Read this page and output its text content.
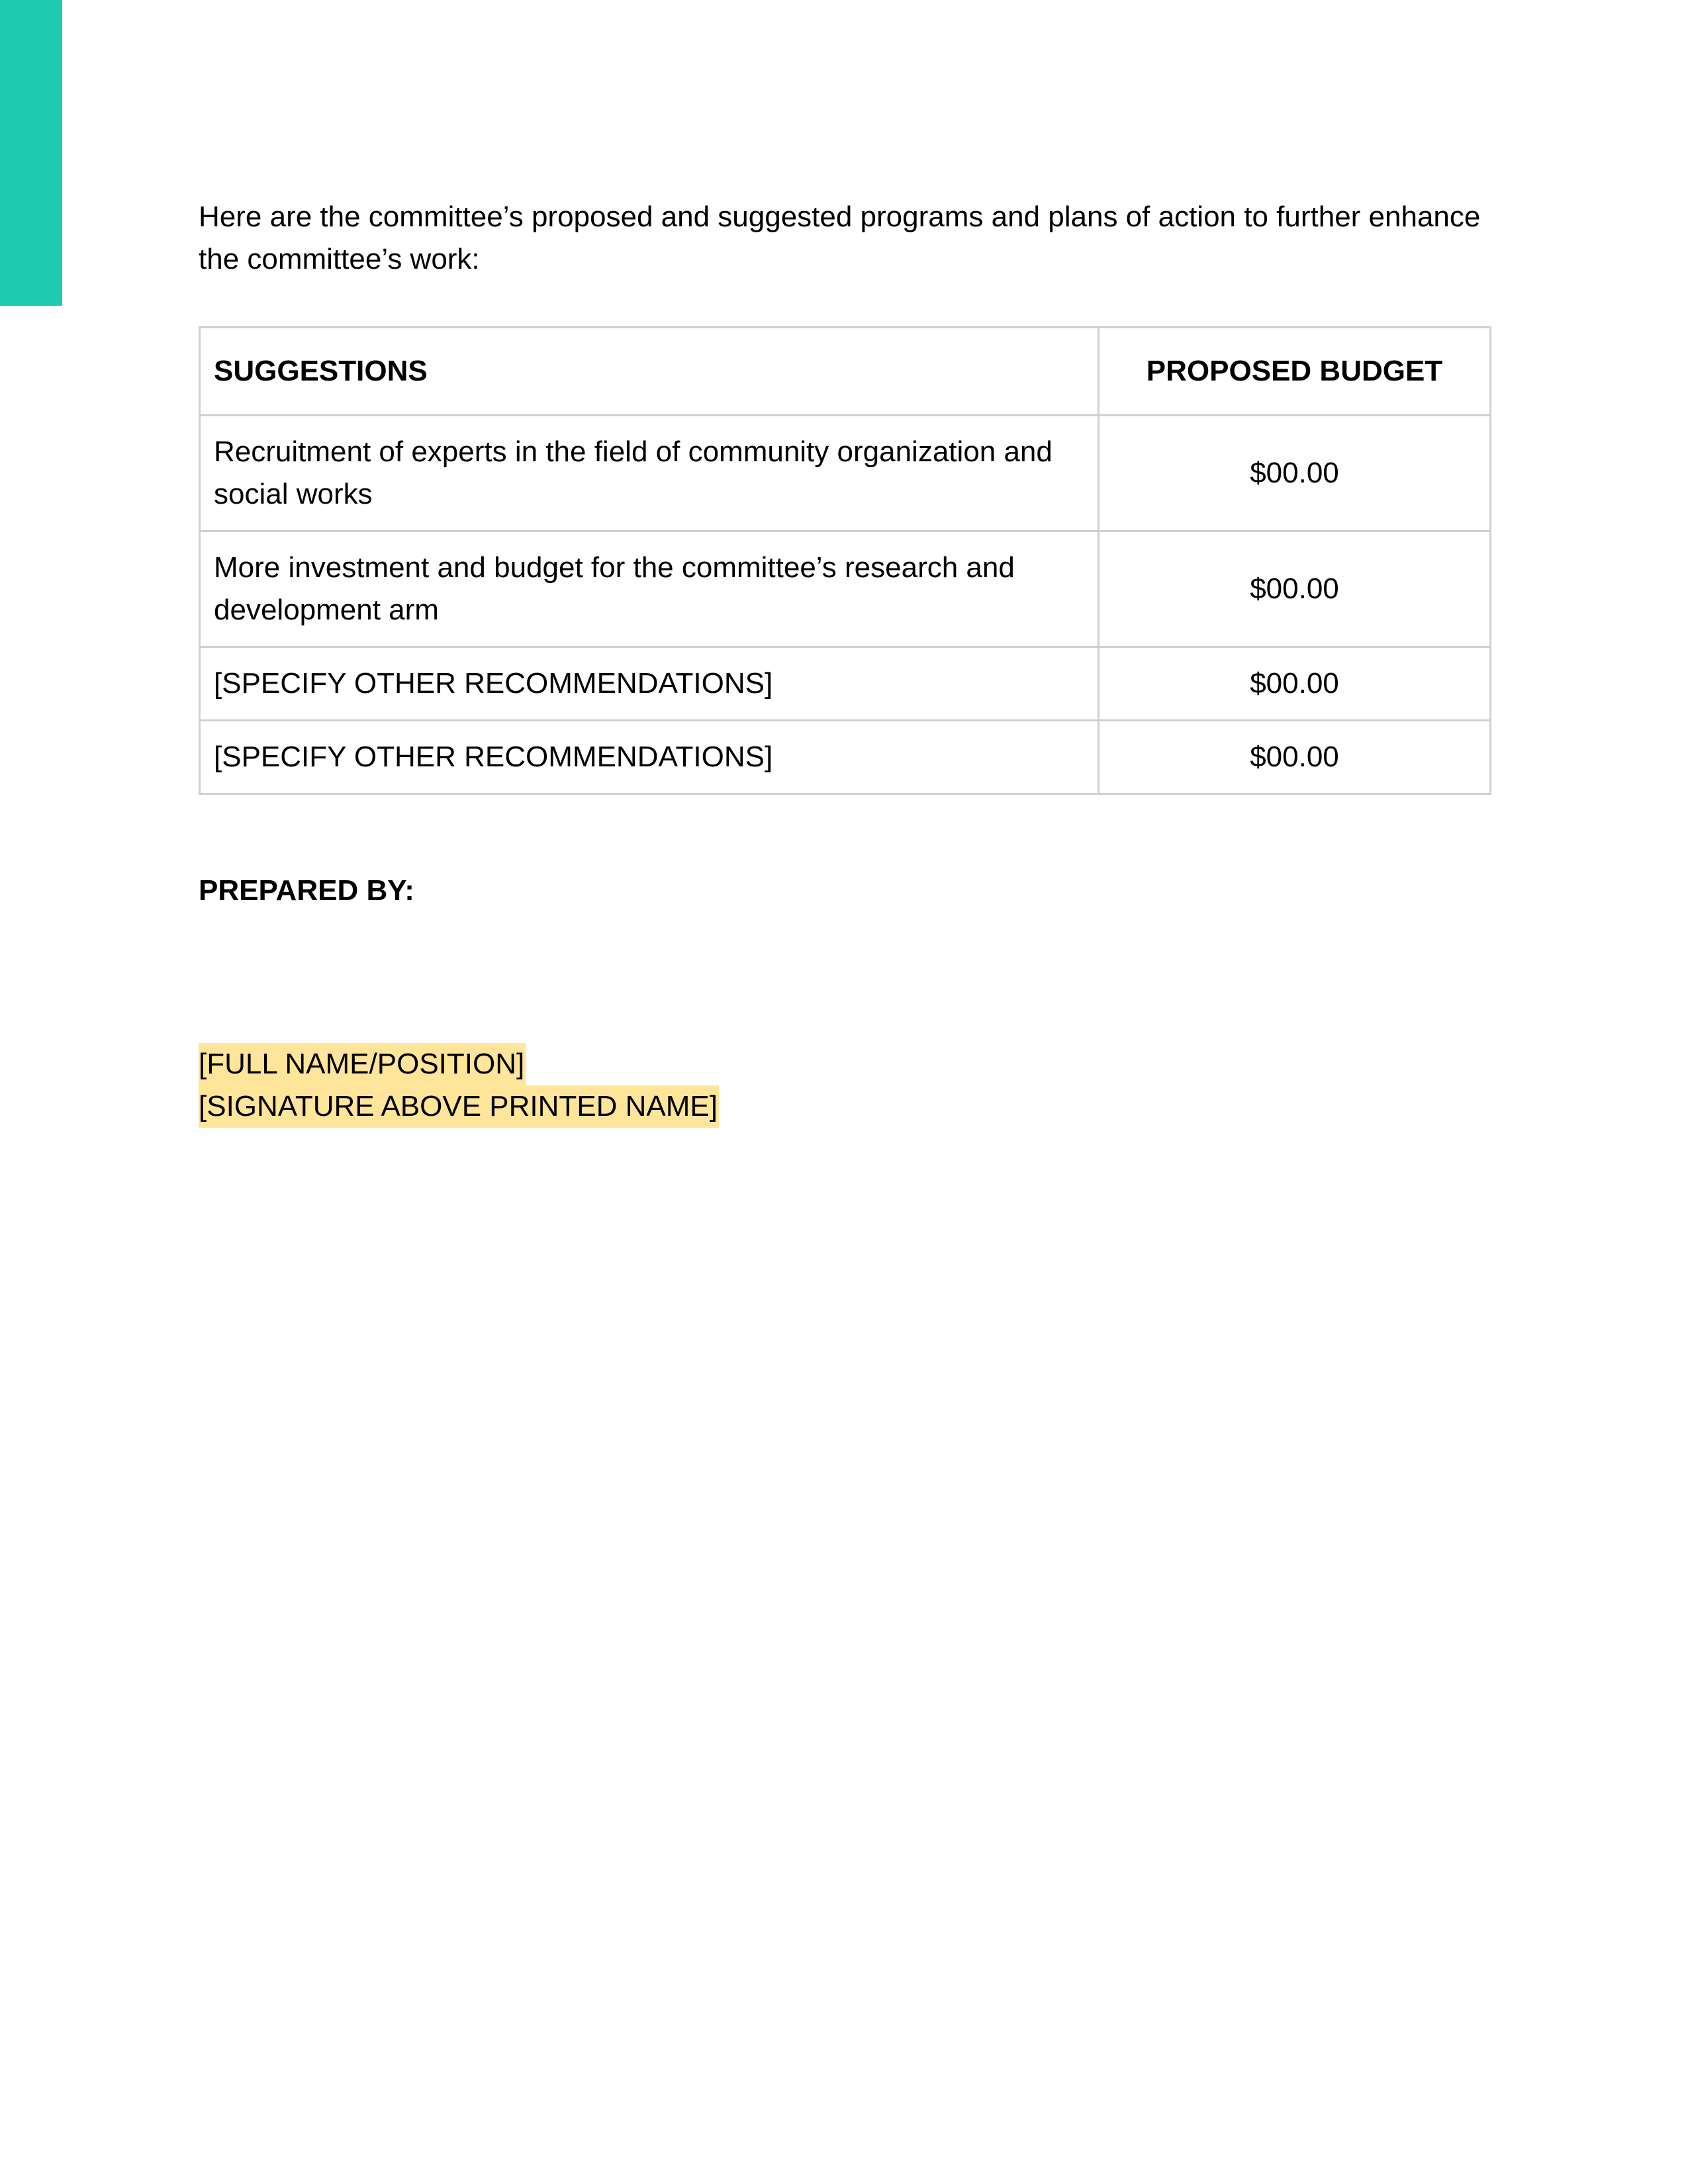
Here are the committee’s proposed and suggested programs and plans of action to further enhance the committee’s work:

SUGGESTIONS	PROPOSED BUDGET
Recruitment of experts in the field of community organization and social works	$00.00
More investment and budget for the committee’s research and development arm	$00.00
[SPECIFY OTHER RECOMMENDATIONS]	$00.00
[SPECIFY OTHER RECOMMENDATIONS]	$00.00

PREPARED BY:

[FULL NAME/POSITION]
[SIGNATURE ABOVE PRINTED NAME]
